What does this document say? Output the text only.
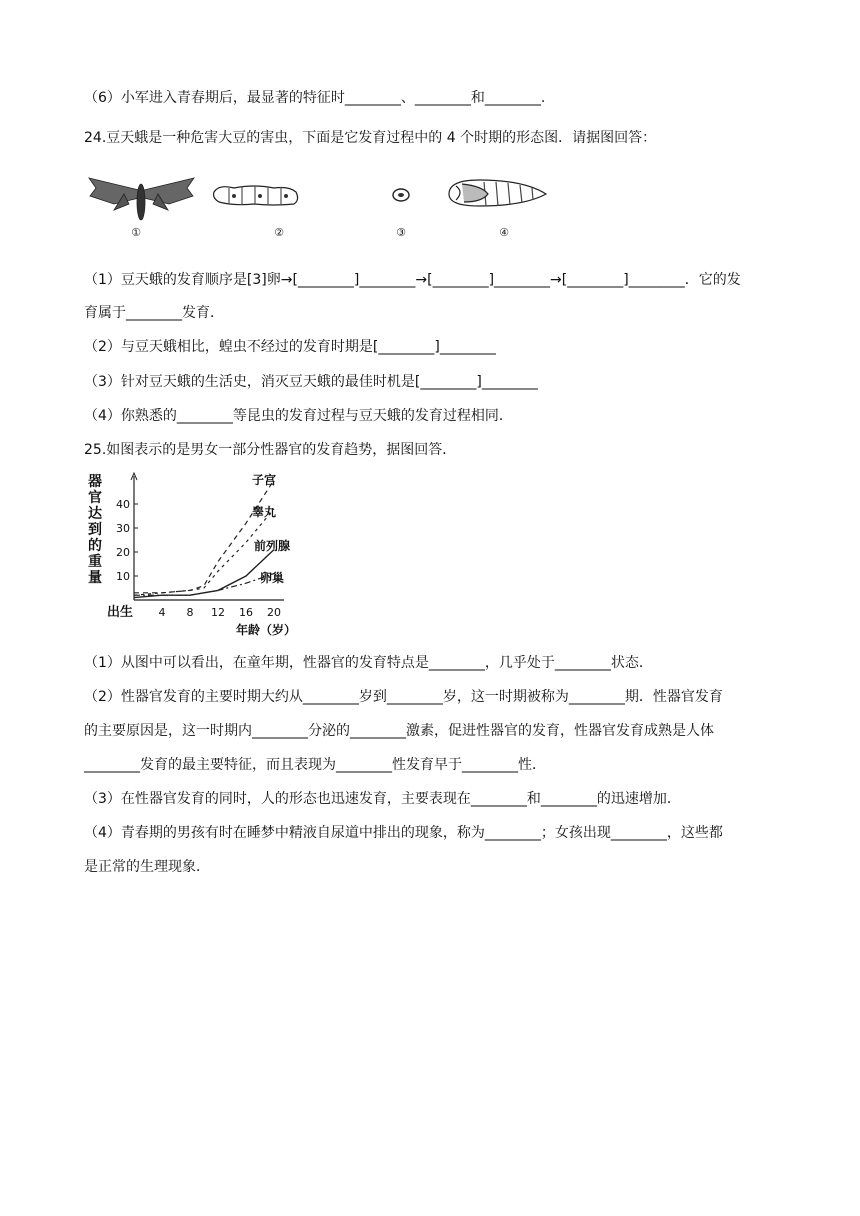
（6）小军进入青春期后，最显著的特征时________、________和________.
24.豆天蛾是一种危害大豆的害虫，下面是它发育过程中的 4 个时期的形态图．请据图回答：
①	②	③	④
（1）豆天蛾的发育顺序是[3]卵→[________]________→[________]________→[________]________．它的发
育属于________发育．
（2）与豆天蛾相比，蝗虫不经过的发育时期是[________]________
（3）针对豆天蛾的生活史，消灭豆天蛾的最佳时机是[________]________
（4）你熟悉的________等昆虫的发育过程与豆天蛾的发育过程相同．
25.如图表示的是男女一部分性器官的发育趋势，据图回答．
器
官
达
到
的
重
量 10
20
30
40
出生 4 8 12 16 20
年龄（岁）
子宫
睾丸
前列腺
卵巢
（1）从图中可以看出，在童年期，性器官的发育特点是________，几乎处于________状态．
（2）性器官发育的主要时期大约从________岁到________岁，这一时期被称为________期．性器官发育
的主要原因是，这一时期内________分泌的________激素，促进性器官的发育，性器官发育成熟是人体
________发育的最主要特征，而且表现为________性发育早于________性．
（3）在性器官发育的同时，人的形态也迅速发育，主要表现在________和________的迅速增加．
（4）青春期的男孩有时在睡梦中精液自尿道中排出的现象，称为________；女孩出现________，这些都
是正常的生理现象．
